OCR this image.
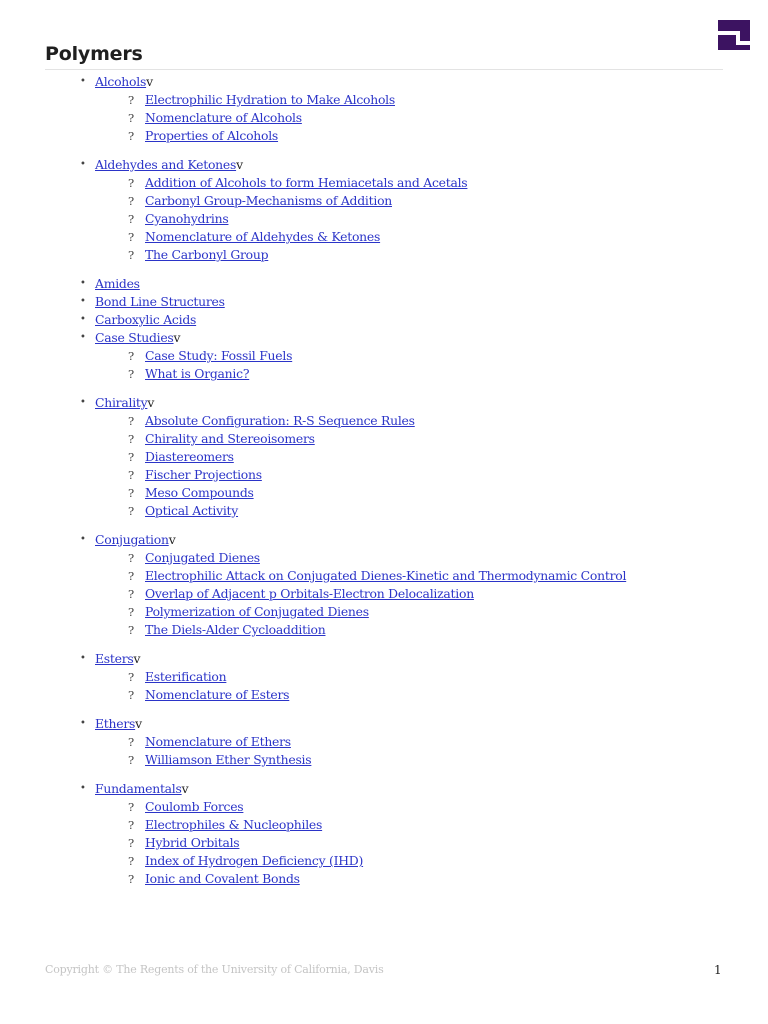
Polymers
• Alcoholsv
? Electrophilic Hydration to Make Alcohols
? Nomenclature of Alcohols
? Properties of Alcohols
• Aldehydes and Ketonesv
? Addition of Alcohols to form Hemiacetals and Acetals
? Carbonyl Group-Mechanisms of Addition
? Cyanohydrins
? Nomenclature of Aldehydes & Ketones
? The Carbonyl Group
• Amides
• Bond Line Structures
• Carboxylic Acids
• Case Studiesv
? Case Study: Fossil Fuels
? What is Organic?
• Chiralityv
? Absolute Configuration: R-S Sequence Rules
? Chirality and Stereoisomers
? Diastereomers
? Fischer Projections
? Meso Compounds
? Optical Activity
• Conjugationv
? Conjugated Dienes
? Electrophilic Attack on Conjugated Dienes-Kinetic and Thermodynamic Control
? Overlap of Adjacent p Orbitals-Electron Delocalization
? Polymerization of Conjugated Dienes
? The Diels-Alder Cycloaddition
• Estersv
? Esterification
? Nomenclature of Esters
• Ethersv
? Nomenclature of Ethers
? Williamson Ether Synthesis
• Fundamentalsv
? Coulomb Forces
? Electrophiles & Nucleophiles
? Hybrid Orbitals
? Index of Hydrogen Deficiency (IHD)
? Ionic and Covalent Bonds
Copyright © The Regents of the University of California, Davis	1
